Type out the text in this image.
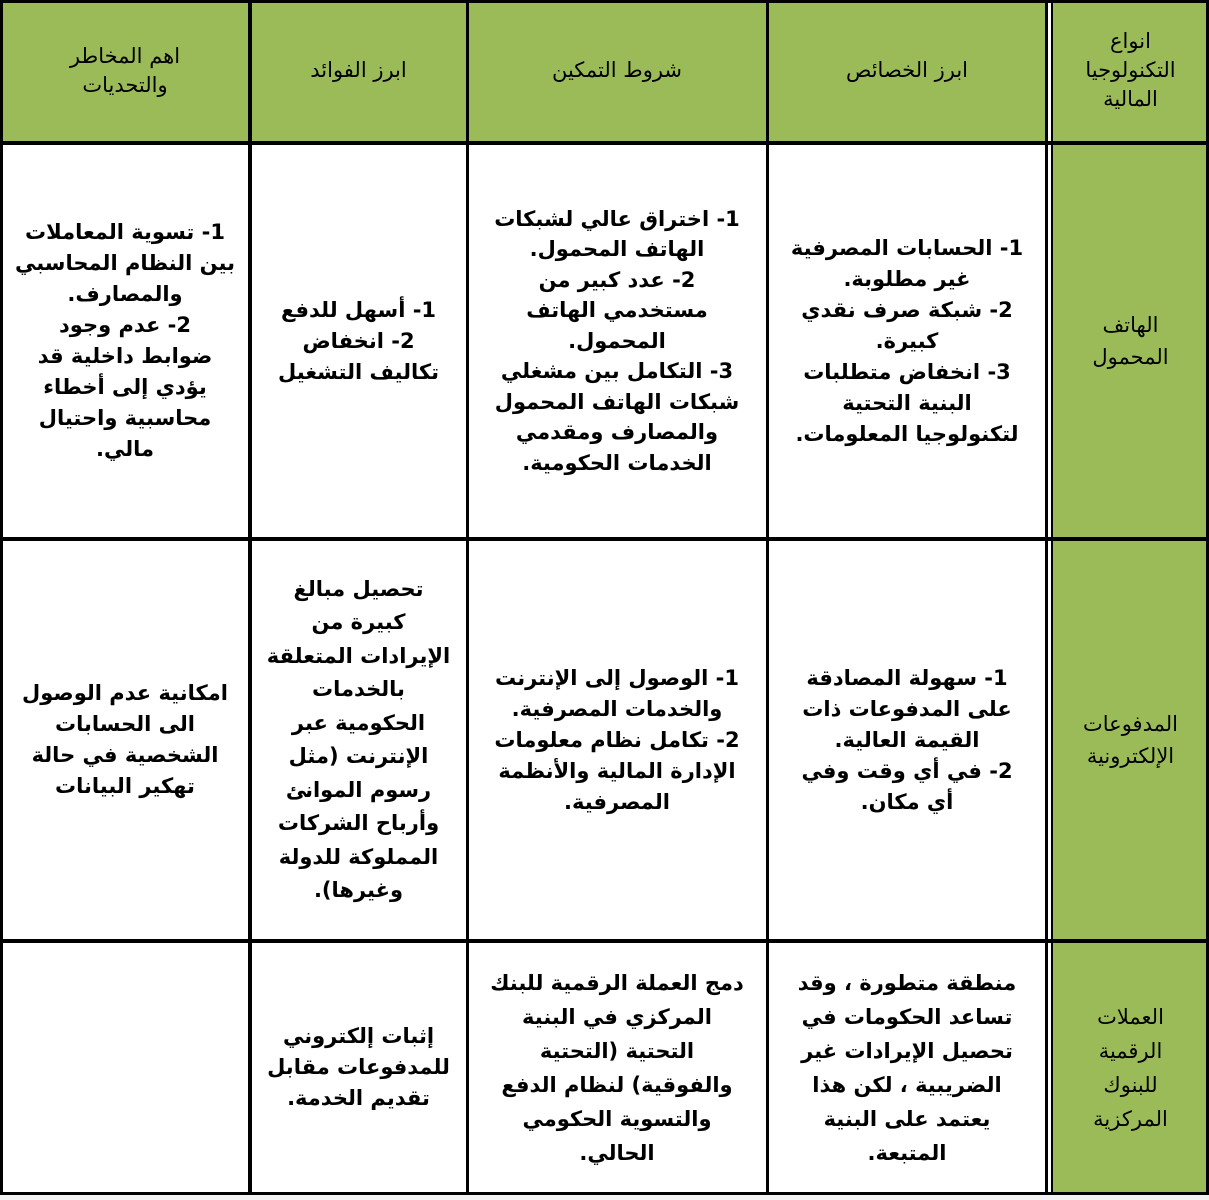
اهم المخاطر
والتحديات
ابرز الفوائد	شروط التمكين	ابرز الخصائص
انواع
التكنولوجيا
المالية
1- تسوية المعاملات
بين النظام المحاسبي
والمصارف.
2- عدم وجود
ضوابط داخلية قد
يؤدي إلى أخطاء
محاسبية واحتيال
مالي.
1- أسهل للدفع
2- انخفاض
تكاليف التشغيل
1- اختراق عالي لشبكات
الهاتف المحمول.
2- عدد كبير من
مستخدمي الهاتف
المحمول.
3- التكامل بين مشغلي
شبكات الهاتف المحمول
والمصارف ومقدمي
الخدمات الحكومية.
1- الحسابات المصرفية
غير مطلوبة.
2- شبكة صرف نقدي
كبيرة.
3- انخفاض متطلبات
البنية التحتية
لتكنولوجيا المعلومات.
الهاتف
المحمول
امكانية عدم الوصول
الى الحسابات
الشخصية في حالة
تهكير البيانات
تحصيل مبالغ
كبيرة من
الإيرادات المتعلقة
بالخدمات
الحكومية عبر
الإنترنت (مثل
رسوم الموانئ
وأرباح الشركات
المملوكة للدولة
وغيرها).
1- الوصول إلى الإنترنت
والخدمات المصرفية.
2- تكامل نظام معلومات
الإدارة المالية والأنظمة
المصرفية.
1- سهولة المصادقة
على المدفوعات ذات
القيمة العالية.
2- في أي وقت وفي
أي مكان.
المدفوعات
الإلكترونية
إثبات إلكتروني
للمدفوعات مقابل
تقديم الخدمة.
دمج العملة الرقمية للبنك
المركزي في البنية
التحتية (التحتية
والفوقية) لنظام الدفع
والتسوية الحكومي
الحالي.
منطقة متطورة ، وقد
تساعد الحكومات في
تحصيل الإيرادات غير
الضريبية ، لكن هذا
يعتمد على البنية
المتبعة.
العملات
الرقمية
للبنوك
المركزية
